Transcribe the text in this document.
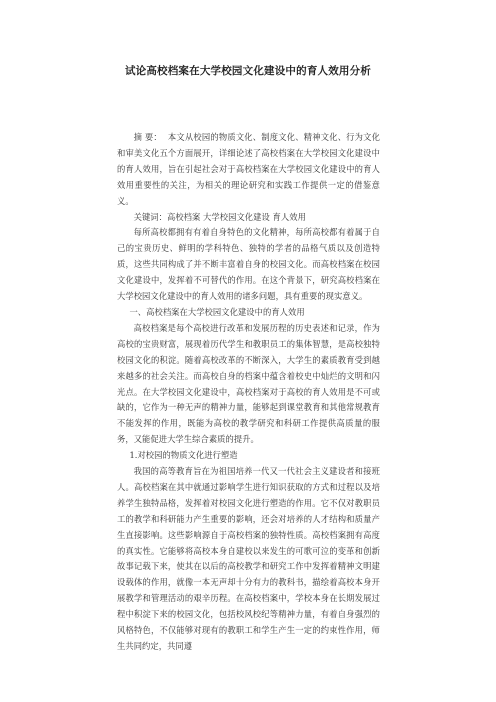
试论高校档案在大学校园文化建设中的育人效用分析

摘 要： 本文从校园的物质文化、制度文化、精神文化、行为文化和审美文化五个方面展开，详细论述了高校档案在大学校园文化建设中的育人效用，旨在引起社会对于高校档案在大学校园文化建设中的育人效用重要性的关注，为相关的理论研究和实践工作提供一定的借鉴意义。

关键词：高校档案 大学校园文化建设 育人效用

每所高校都拥有有着自身特色的文化精神，每所高校都有着属于自己的宝贵历史、鲜明的学科特色、独特的学者的品格气质以及创造特质，这些共同构成了并不断丰富着自身的校园文化。而高校档案在校园文化建设中，发挥着不可替代的作用。在这个背景下，研究高校档案在大学校园文化建设中的育人效用的诸多问题，具有重要的现实意义。

一、高校档案在大学校园文化建设中的育人效用

高校档案是每个高校进行改革和发展历程的历史表述和记录，作为高校的宝贵财富，展现着历代学生和教职员工的集体智慧，是高校独特校园文化的积淀。随着高校改革的不断深入，大学生的素质教育受到越来越多的社会关注。而高校自身的档案中蕴含着校史中灿烂的文明和闪光点。在大学校园文化建设中，高校档案对于高校的育人效用是不可或缺的，它作为一种无声的精神力量，能够起到课堂教育和其他常规教育不能发挥的作用，既能为高校的教学研究和科研工作提供高质量的服务，又能促进大学生综合素质的提升。

1.对校园的物质文化进行塑造

我国的高等教育旨在为祖国培养一代又一代社会主义建设者和接班人。高校档案在其中就通过影响学生进行知识获取的方式和过程以及培养学生独特品格，发挥着对校园文化进行塑造的作用。它不仅对教职员工的教学和科研能力产生重要的影响，还会对培养的人才结构和质量产生直接影响。这些影响源自于高校档案的独特性质。高校档案拥有高度的真实性。它能够将高校本身自建校以来发生的可歌可泣的变革和创新故事记载下来，使其在以后的高校教学和研究工作中发挥着精神文明建设载体的作用，就像一本无声却十分有力的教科书，描绘着高校本身开展教学和管理活动的艰辛历程。在高校档案中，学校本身在长期发展过程中积淀下来的校园文化，包括校风校纪等精神力量，有着自身强烈的风格特色，不仅能够对现有的教职工和学生产生一定的约束性作用，师生共同约定，共同遵
